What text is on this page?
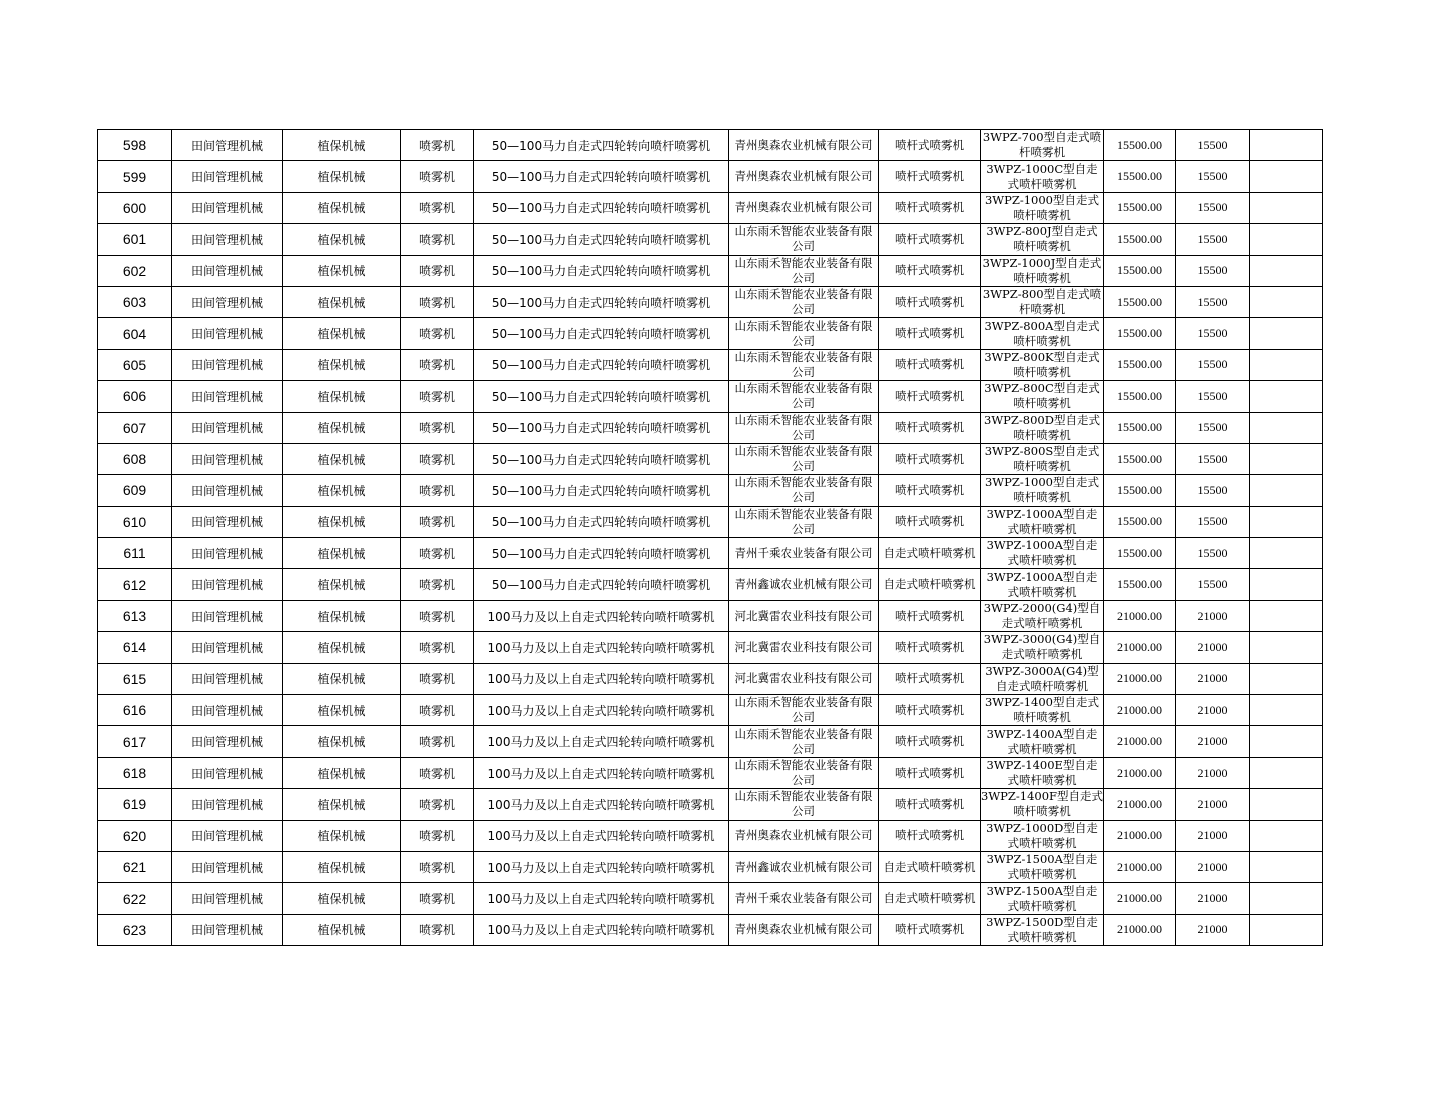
598	田间管理机械	植保机械	喷雾机	50—100马力自走式四轮转向喷杆喷雾机	青州奥森农业机械有限公司	喷杆式喷雾机	3WPZ-700型自走式喷杆喷雾机	15500.00	15500	
599	田间管理机械	植保机械	喷雾机	50—100马力自走式四轮转向喷杆喷雾机	青州奥森农业机械有限公司	喷杆式喷雾机	3WPZ-1000C型自走式喷杆喷雾机	15500.00	15500	
600	田间管理机械	植保机械	喷雾机	50—100马力自走式四轮转向喷杆喷雾机	青州奥森农业机械有限公司	喷杆式喷雾机	3WPZ-1000型自走式喷杆喷雾机	15500.00	15500	
601	田间管理机械	植保机械	喷雾机	50—100马力自走式四轮转向喷杆喷雾机	山东雨禾智能农业装备有限公司	喷杆式喷雾机	3WPZ-800J型自走式喷杆喷雾机	15500.00	15500	
602	田间管理机械	植保机械	喷雾机	50—100马力自走式四轮转向喷杆喷雾机	山东雨禾智能农业装备有限公司	喷杆式喷雾机	3WPZ-1000J型自走式喷杆喷雾机	15500.00	15500	
603	田间管理机械	植保机械	喷雾机	50—100马力自走式四轮转向喷杆喷雾机	山东雨禾智能农业装备有限公司	喷杆式喷雾机	3WPZ-800型自走式喷杆喷雾机	15500.00	15500	
604	田间管理机械	植保机械	喷雾机	50—100马力自走式四轮转向喷杆喷雾机	山东雨禾智能农业装备有限公司	喷杆式喷雾机	3WPZ-800A型自走式喷杆喷雾机	15500.00	15500	
605	田间管理机械	植保机械	喷雾机	50—100马力自走式四轮转向喷杆喷雾机	山东雨禾智能农业装备有限公司	喷杆式喷雾机	3WPZ-800K型自走式喷杆喷雾机	15500.00	15500	
606	田间管理机械	植保机械	喷雾机	50—100马力自走式四轮转向喷杆喷雾机	山东雨禾智能农业装备有限公司	喷杆式喷雾机	3WPZ-800C型自走式喷杆喷雾机	15500.00	15500	
607	田间管理机械	植保机械	喷雾机	50—100马力自走式四轮转向喷杆喷雾机	山东雨禾智能农业装备有限公司	喷杆式喷雾机	3WPZ-800D型自走式喷杆喷雾机	15500.00	15500	
608	田间管理机械	植保机械	喷雾机	50—100马力自走式四轮转向喷杆喷雾机	山东雨禾智能农业装备有限公司	喷杆式喷雾机	3WPZ-800S型自走式喷杆喷雾机	15500.00	15500	
609	田间管理机械	植保机械	喷雾机	50—100马力自走式四轮转向喷杆喷雾机	山东雨禾智能农业装备有限公司	喷杆式喷雾机	3WPZ-1000型自走式喷杆喷雾机	15500.00	15500	
610	田间管理机械	植保机械	喷雾机	50—100马力自走式四轮转向喷杆喷雾机	山东雨禾智能农业装备有限公司	喷杆式喷雾机	3WPZ-1000A型自走式喷杆喷雾机	15500.00	15500	
611	田间管理机械	植保机械	喷雾机	50—100马力自走式四轮转向喷杆喷雾机	青州千乘农业装备有限公司	自走式喷杆喷雾机	3WPZ-1000A型自走式喷杆喷雾机	15500.00	15500	
612	田间管理机械	植保机械	喷雾机	50—100马力自走式四轮转向喷杆喷雾机	青州鑫诚农业机械有限公司	自走式喷杆喷雾机	3WPZ-1000A型自走式喷杆喷雾机	15500.00	15500	
613	田间管理机械	植保机械	喷雾机	100马力及以上自走式四轮转向喷杆喷雾机	河北冀雷农业科技有限公司	喷杆式喷雾机	3WPZ-2000(G4)型自走式喷杆喷雾机	21000.00	21000	
614	田间管理机械	植保机械	喷雾机	100马力及以上自走式四轮转向喷杆喷雾机	河北冀雷农业科技有限公司	喷杆式喷雾机	3WPZ-3000(G4)型自走式喷杆喷雾机	21000.00	21000	
615	田间管理机械	植保机械	喷雾机	100马力及以上自走式四轮转向喷杆喷雾机	河北冀雷农业科技有限公司	喷杆式喷雾机	3WPZ-3000A(G4)型自走式喷杆喷雾机	21000.00	21000	
616	田间管理机械	植保机械	喷雾机	100马力及以上自走式四轮转向喷杆喷雾机	山东雨禾智能农业装备有限公司	喷杆式喷雾机	3WPZ-1400型自走式喷杆喷雾机	21000.00	21000	
617	田间管理机械	植保机械	喷雾机	100马力及以上自走式四轮转向喷杆喷雾机	山东雨禾智能农业装备有限公司	喷杆式喷雾机	3WPZ-1400A型自走式喷杆喷雾机	21000.00	21000	
618	田间管理机械	植保机械	喷雾机	100马力及以上自走式四轮转向喷杆喷雾机	山东雨禾智能农业装备有限公司	喷杆式喷雾机	3WPZ-1400E型自走式喷杆喷雾机	21000.00	21000	
619	田间管理机械	植保机械	喷雾机	100马力及以上自走式四轮转向喷杆喷雾机	山东雨禾智能农业装备有限公司	喷杆式喷雾机	3WPZ-1400F型自走式喷杆喷雾机	21000.00	21000	
620	田间管理机械	植保机械	喷雾机	100马力及以上自走式四轮转向喷杆喷雾机	青州奥森农业机械有限公司	喷杆式喷雾机	3WPZ-1000D型自走式喷杆喷雾机	21000.00	21000	
621	田间管理机械	植保机械	喷雾机	100马力及以上自走式四轮转向喷杆喷雾机	青州鑫诚农业机械有限公司	自走式喷杆喷雾机	3WPZ-1500A型自走式喷杆喷雾机	21000.00	21000	
622	田间管理机械	植保机械	喷雾机	100马力及以上自走式四轮转向喷杆喷雾机	青州千乘农业装备有限公司	自走式喷杆喷雾机	3WPZ-1500A型自走式喷杆喷雾机	21000.00	21000	
623	田间管理机械	植保机械	喷雾机	100马力及以上自走式四轮转向喷杆喷雾机	青州奥森农业机械有限公司	喷杆式喷雾机	3WPZ-1500D型自走式喷杆喷雾机	21000.00	21000	
